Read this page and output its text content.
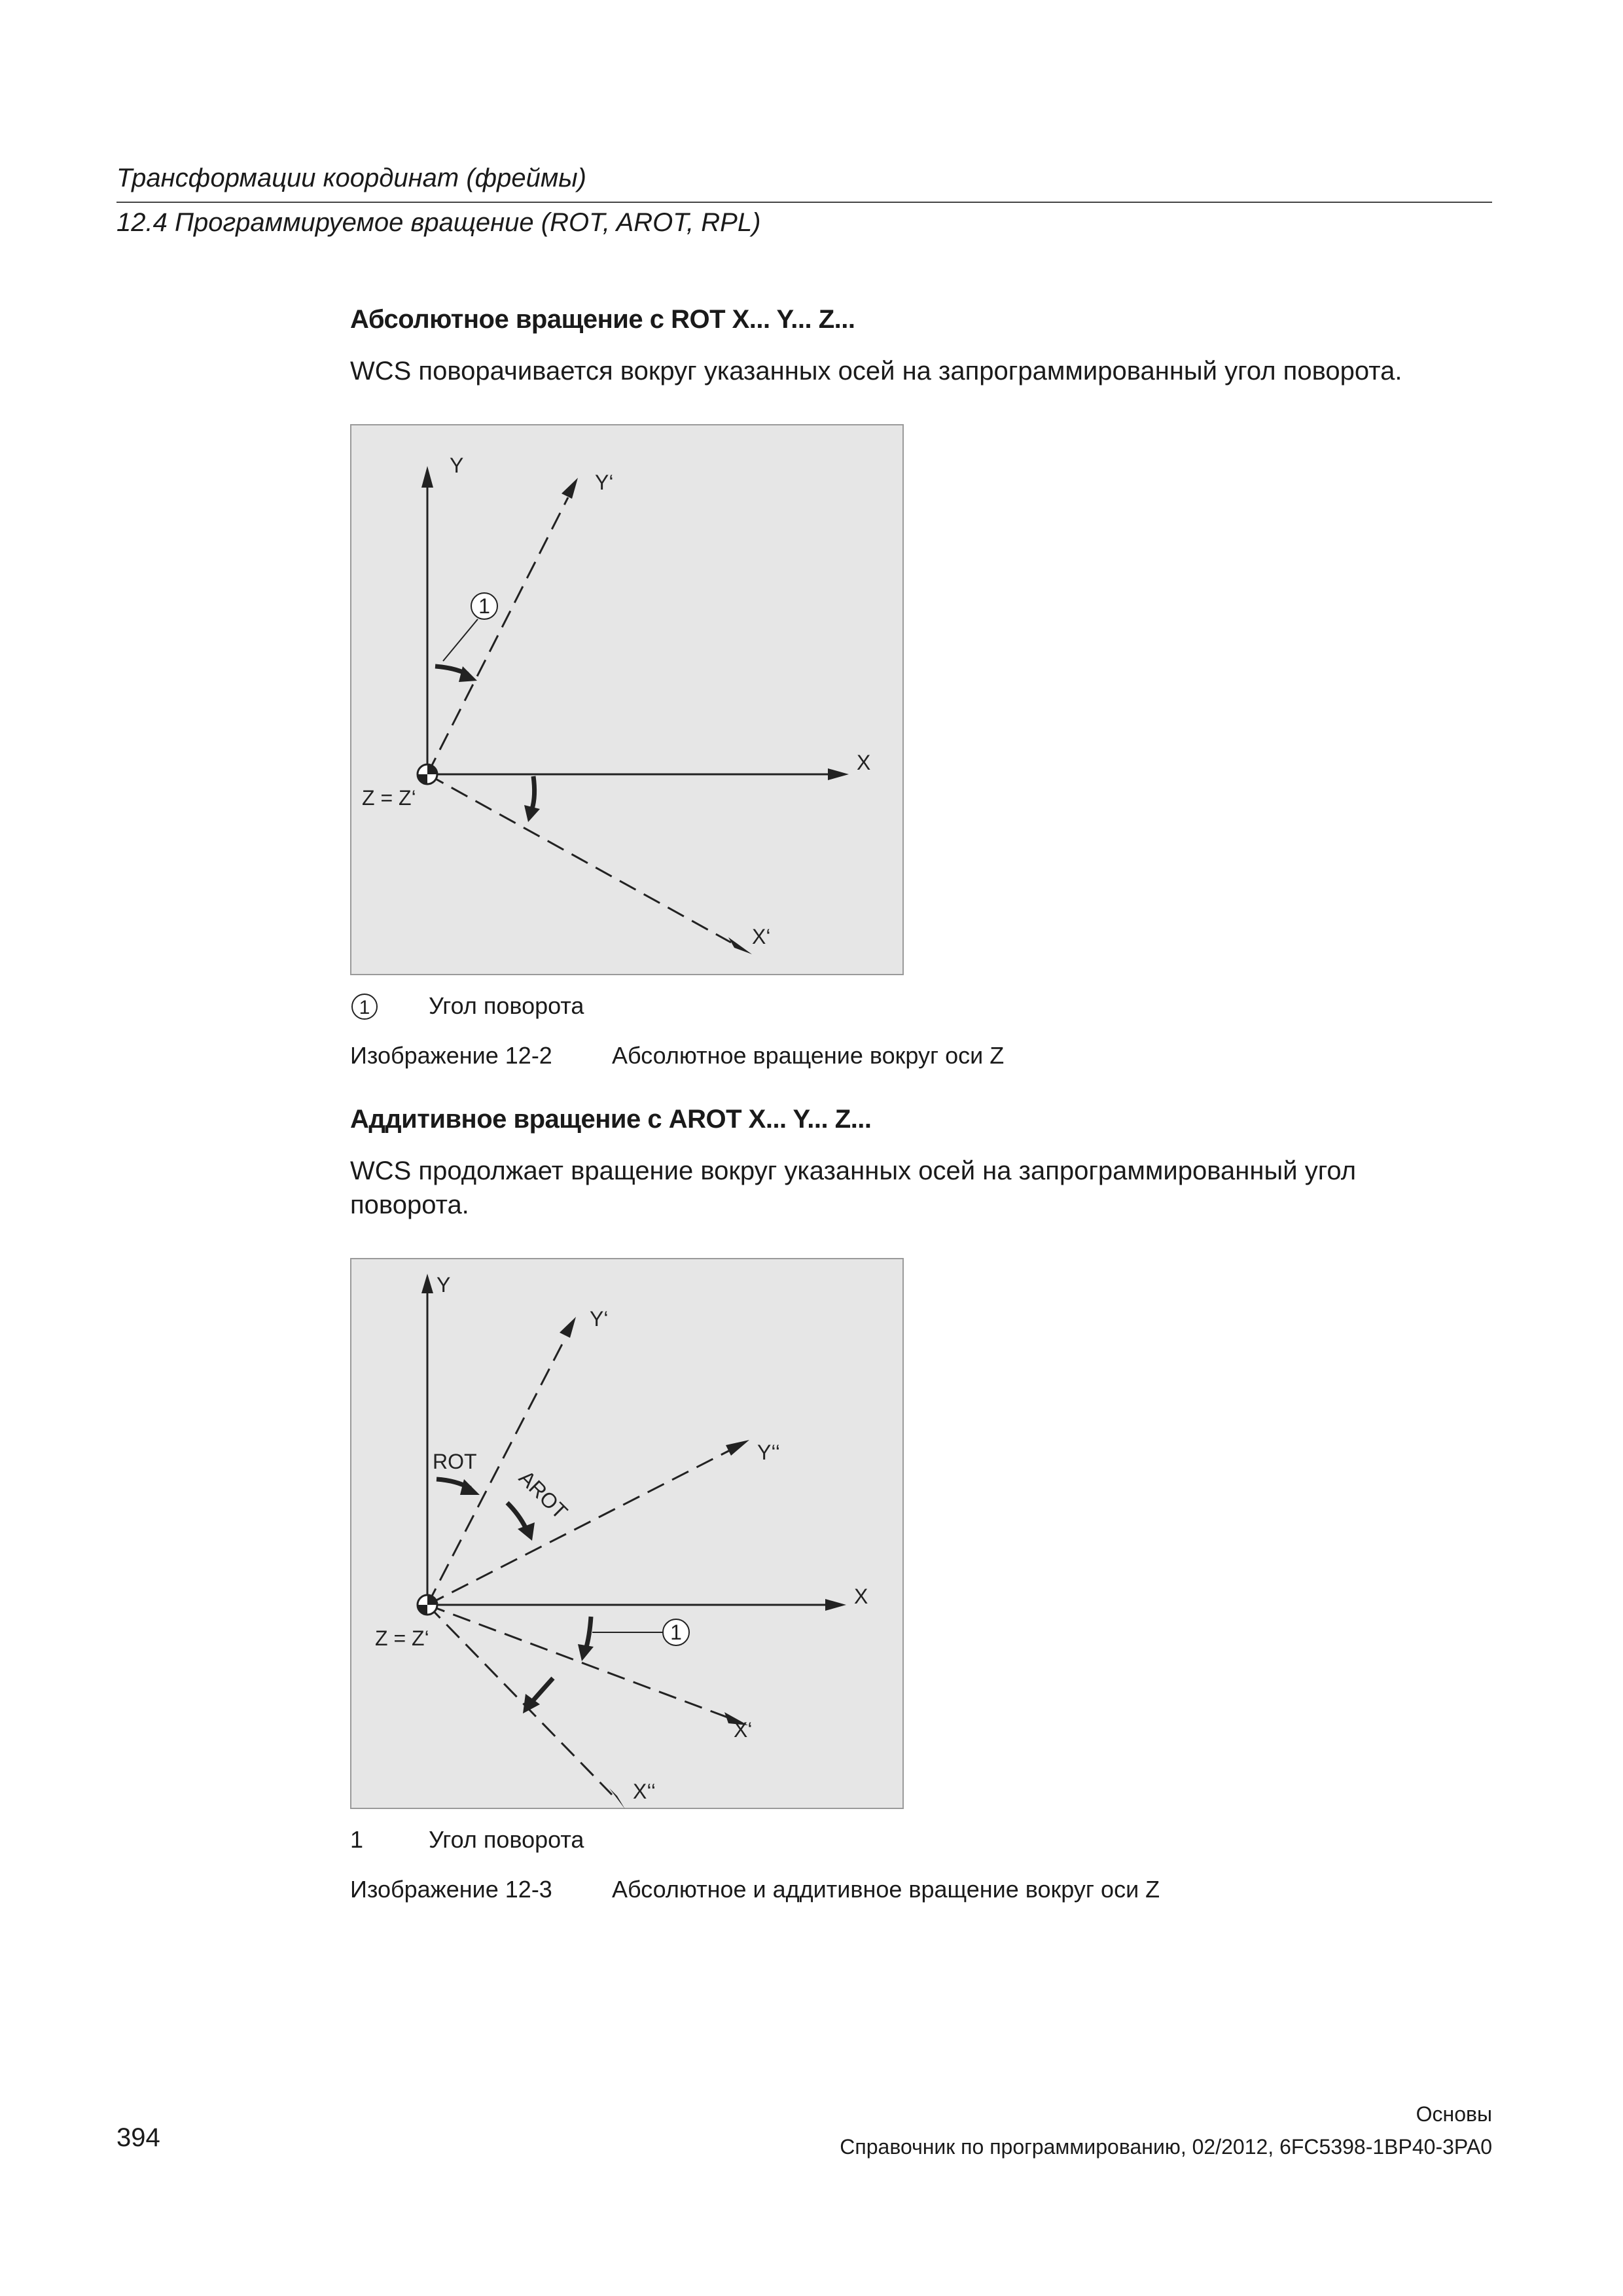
Трансформации координат (фреймы)
12.4 Программируемое вращение (ROT, AROT, RPL)
Абсолютное вращение с ROT X... Y... Z...
WCS поворачивается вокруг указанных осей на запрограммированный угол поворота.
1
Y
Y‘
X
X‘
Z = Z‘
1 Угол поворота
Изображение 12-2	Абсолютное вращение вокруг оси Z
Аддитивное вращение с AROT X... Y... Z...
WCS продолжает вращение вокруг указанных осей на запрограммированный угол поворота.
1
Y
Y‘
Y‘‘
X
X‘
X‘‘
Z = Z‘
ROT
AROT
1	Угол поворота
Изображение 12-3	Абсолютное и аддитивное вращение вокруг оси Z
394
Основы
Справочник по программированию, 02/2012, 6FC5398-1BP40-3PA0
